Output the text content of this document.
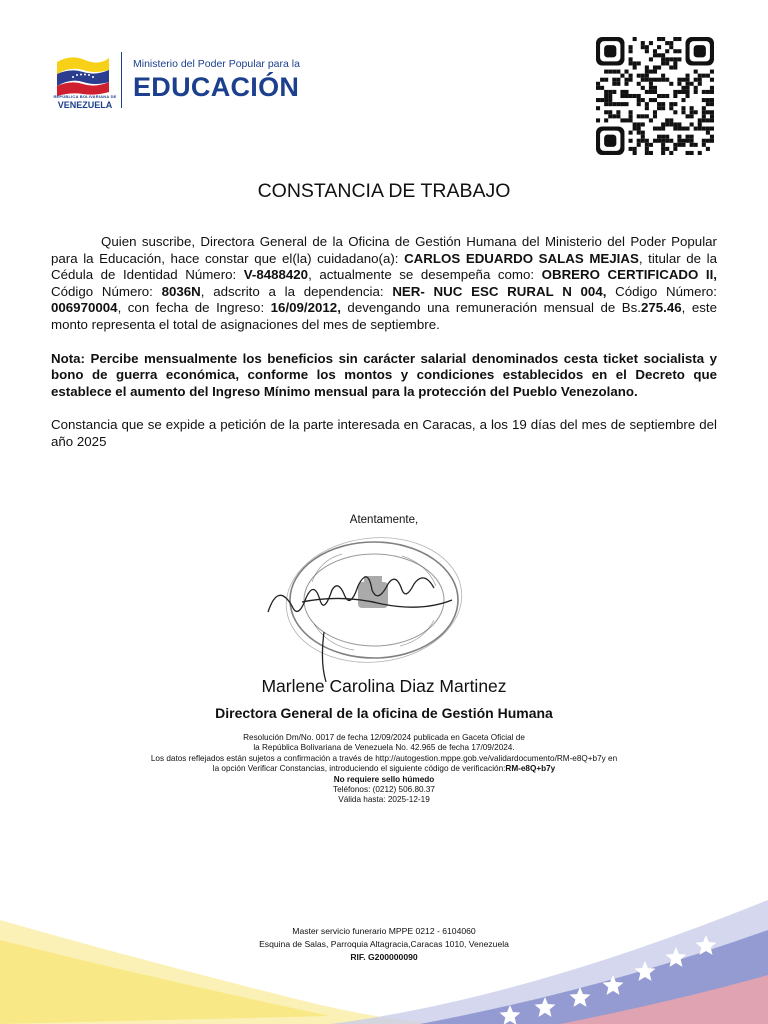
REPÚBLICA BOLIVARIANA DE
VENEZUELA
Ministerio del Poder Popular para la
EDUCACIÓN
CONSTANCIA DE TRABAJO

Quien suscribe, Directora General de la Oficina de Gestión Humana del Ministerio del Poder Popular para la Educación, hace constar que el(la) cuidadano(a): CARLOS EDUARDO SALAS MEJIAS, titular de la Cédula de Identidad Número: V-8488420, actualmente se desempeña como: OBRERO CERTIFICADO II, Código Número: 8036N, adscrito a la dependencia: NER- NUC ESC RURAL N 004, Código Número: 006970004, con fecha de Ingreso: 16/09/2012, devengando una remuneración mensual de Bs.275.46, este monto representa el total de asignaciones del mes de septiembre.

Nota: Percibe mensualmente los beneficios sin carácter salarial denominados cesta ticket socialista y bono de guerra económica, conforme los montos y condiciones establecidos en el Decreto que establece el aumento del Ingreso Mínimo mensual para la protección del Pueblo Venezolano.

Constancia que se expide a petición de la parte interesada en Caracas, a los 19 días del mes de septiembre del año 2025

Atentamente,
Marlene Carolina Diaz Martinez
Directora General de la oficina de Gestión Humana
Resolución Dm/No. 0017 de fecha 12/09/2024 publicada en Gaceta Oficial de
la República Bolivariana de Venezuela No. 42.965 de fecha 17/09/2024.
Los datos reflejados están sujetos a confirmación a través de http://autogestion.mppe.gob.ve/validardocumento/RM-e8Q+b7y en
la opción Verificar Constancias, introduciendo el siguiente código de verificación:RM-e8Q+b7y
No requiere sello húmedo
Teléfonos: (0212) 506.80.37
Válida hasta: 2025-12-19
Master servicio funerario MPPE 0212 - 6104060
Esquina de Salas, Parroquia Altagracia,Caracas 1010, Venezuela
RIF. G200000090
